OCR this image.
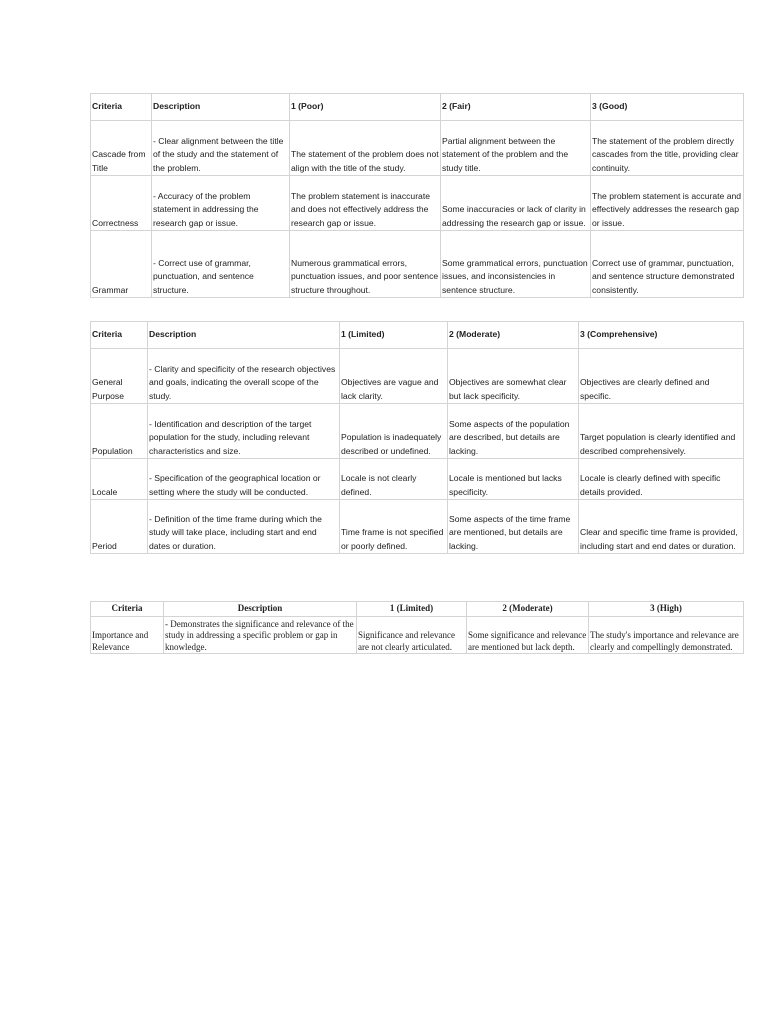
Criteria	Description	1 (Poor)	2 (Fair)	3 (Good)
Cascade from Title	- Clear alignment between the title of the study and the statement of the problem.	The statement of the problem does not align with the title of the study.	Partial alignment between the statement of the problem and the study title.	The statement of the problem directly cascades from the title, providing clear continuity.
Correctness	- Accuracy of the problem statement in addressing the research gap or issue.	The problem statement is inaccurate and does not effectively address the research gap or issue.	Some inaccuracies or lack of clarity in addressing the research gap or issue.	The problem statement is accurate and effectively addresses the research gap or issue.
Grammar	- Correct use of grammar, punctuation, and sentence structure.	Numerous grammatical errors, punctuation issues, and poor sentence structure throughout.	Some grammatical errors, punctuation issues, and inconsistencies in sentence structure.	Correct use of grammar, punctuation, and sentence structure demonstrated consistently.
Criteria	Description	1 (Limited)	2 (Moderate)	3 (Comprehensive)
General Purpose	- Clarity and specificity of the research objectives and goals, indicating the overall scope of the study.	Objectives are vague and lack clarity.	Objectives are somewhat clear but lack specificity.	Objectives are clearly defined and specific.
Population	- Identification and description of the target population for the study, including relevant characteristics and size.	Population is inadequately described or undefined.	Some aspects of the population are described, but details are lacking.	Target population is clearly identified and described comprehensively.
Locale	- Specification of the geographical location or setting where the study will be conducted.	Locale is not clearly defined.	Locale is mentioned but lacks specificity.	Locale is clearly defined with specific details provided.
Period	- Definition of the time frame during which the study will take place, including start and end dates or duration.	Time frame is not specified or poorly defined.	Some aspects of the time frame are mentioned, but details are lacking.	Clear and specific time frame is provided, including start and end dates or duration.
Criteria	Description	1 (Limited)	2 (Moderate)	3 (High)
Importance and Relevance	- Demonstrates the significance and relevance of the study in addressing a specific problem or gap in knowledge.	Significance and relevance are not clearly articulated.	Some significance and relevance are mentioned but lack depth.	The study's importance and relevance are clearly and compellingly demonstrated.
